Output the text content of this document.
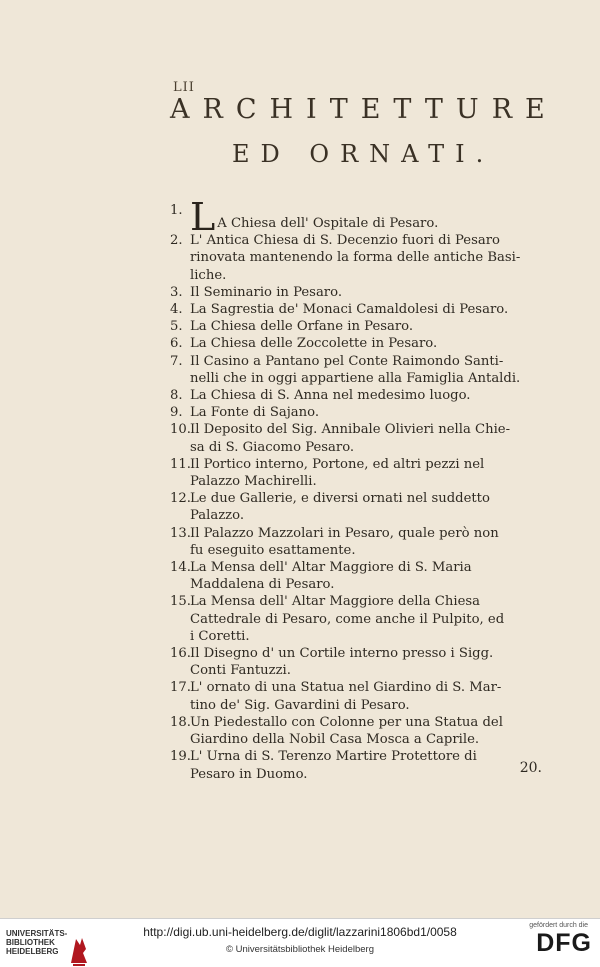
LII
ARCHITETTURE
ED ORNATI.
1. L A Chiesa dell' Ospitale di Pesaro.
2. L' Antica Chiesa di S. Decenzio fuori di Pesaro
rinovata mantenendo la forma delle antiche Basi-
liche.
3. Il Seminario in Pesaro.
4. La Sagrestia de' Monaci Camaldolesi di Pesaro.
5. La Chiesa delle Orfane in Pesaro.
6. La Chiesa delle Zoccolette in Pesaro.
7. Il Casino a Pantano pel Conte Raimondo Santi-
nelli che in oggi appartiene alla Famiglia Antaldi.
8. La Chiesa di S. Anna nel medesimo luogo.
9. La Fonte di Sajano.
10. Il Deposito del Sig. Annibale Olivieri nella Chie-
sa di S. Giacomo Pesaro.
11. Il Portico interno, Portone, ed altri pezzi nel
Palazzo Machirelli.
12. Le due Gallerie, e diversi ornati nel suddetto
Palazzo.
13. Il Palazzo Mazzolari in Pesaro, quale però non
fu eseguito esattamente.
14. La Mensa dell' Altar Maggiore di S. Maria
Maddalena di Pesaro.
15. La Mensa dell' Altar Maggiore della Chiesa
Cattedrale di Pesaro, come anche il Pulpito, ed
i Coretti.
16. Il Disegno d' un Cortile interno presso i Sigg.
Conti Fantuzzi.
17. L' ornato di una Statua nel Giardino di S. Mar-
tino de' Sig. Gavardini di Pesaro.
18. Un Piedestallo con Colonne per una Statua del
Giardino della Nobil Casa Mosca a Caprile.
19. L' Urna di S. Terenzo Martire Protettore di
Pesaro in Duomo.	20.
UNIVERSITÄTS-
BIBLIOTHEK
HEIDELBERG
http://digi.ub.uni-heidelberg.de/diglit/lazzarini1806bd1/0058
© Universitätsbibliothek Heidelberg
gefördert durch die
DFG
